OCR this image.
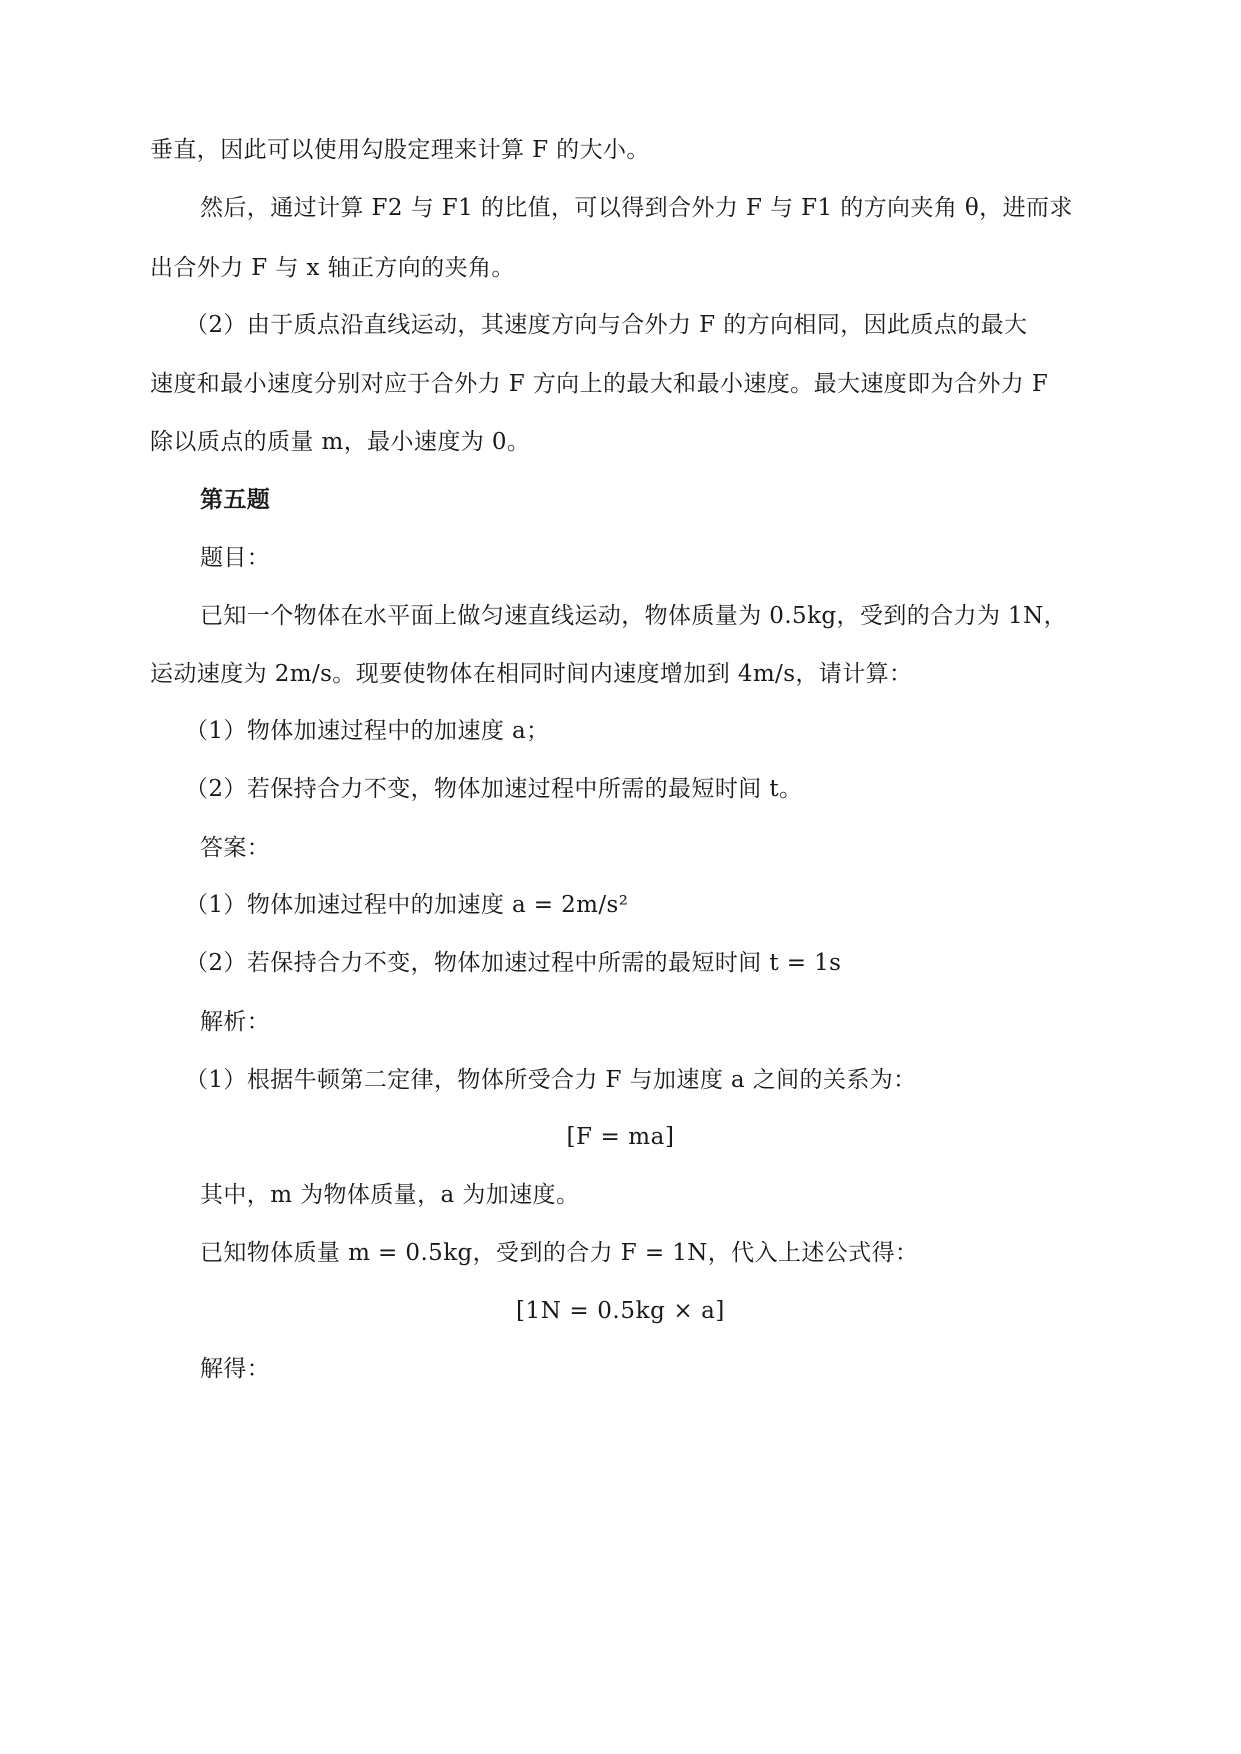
垂直，因此可以使用勾股定理来计算 F 的大小。
然后，通过计算 F2 与 F1 的比值，可以得到合外力 F 与 F1 的方向夹角 θ，进而求
出合外力 F 与 x 轴正方向的夹角。
（2）由于质点沿直线运动，其速度方向与合外力 F 的方向相同，因此质点的最大
速度和最小速度分别对应于合外力 F 方向上的最大和最小速度。最大速度即为合外力 F
除以质点的质量 m，最小速度为 0。
第五题
题目：
已知一个物体在水平面上做匀速直线运动，物体质量为 0.5kg，受到的合力为 1N，
运动速度为 2m/s。现要使物体在相同时间内速度增加到 4m/s，请计算：
（1）物体加速过程中的加速度 a；
（2）若保持合力不变，物体加速过程中所需的最短时间 t。
答案：
（1）物体加速过程中的加速度 a = 2m/s²
（2）若保持合力不变，物体加速过程中所需的最短时间 t = 1s
解析：
（1）根据牛顿第二定律，物体所受合力 F 与加速度 a 之间的关系为：
[F = ma]
其中，m 为物体质量，a 为加速度。
已知物体质量 m = 0.5kg，受到的合力 F = 1N，代入上述公式得：
[1N = 0.5kg × a]
解得：
